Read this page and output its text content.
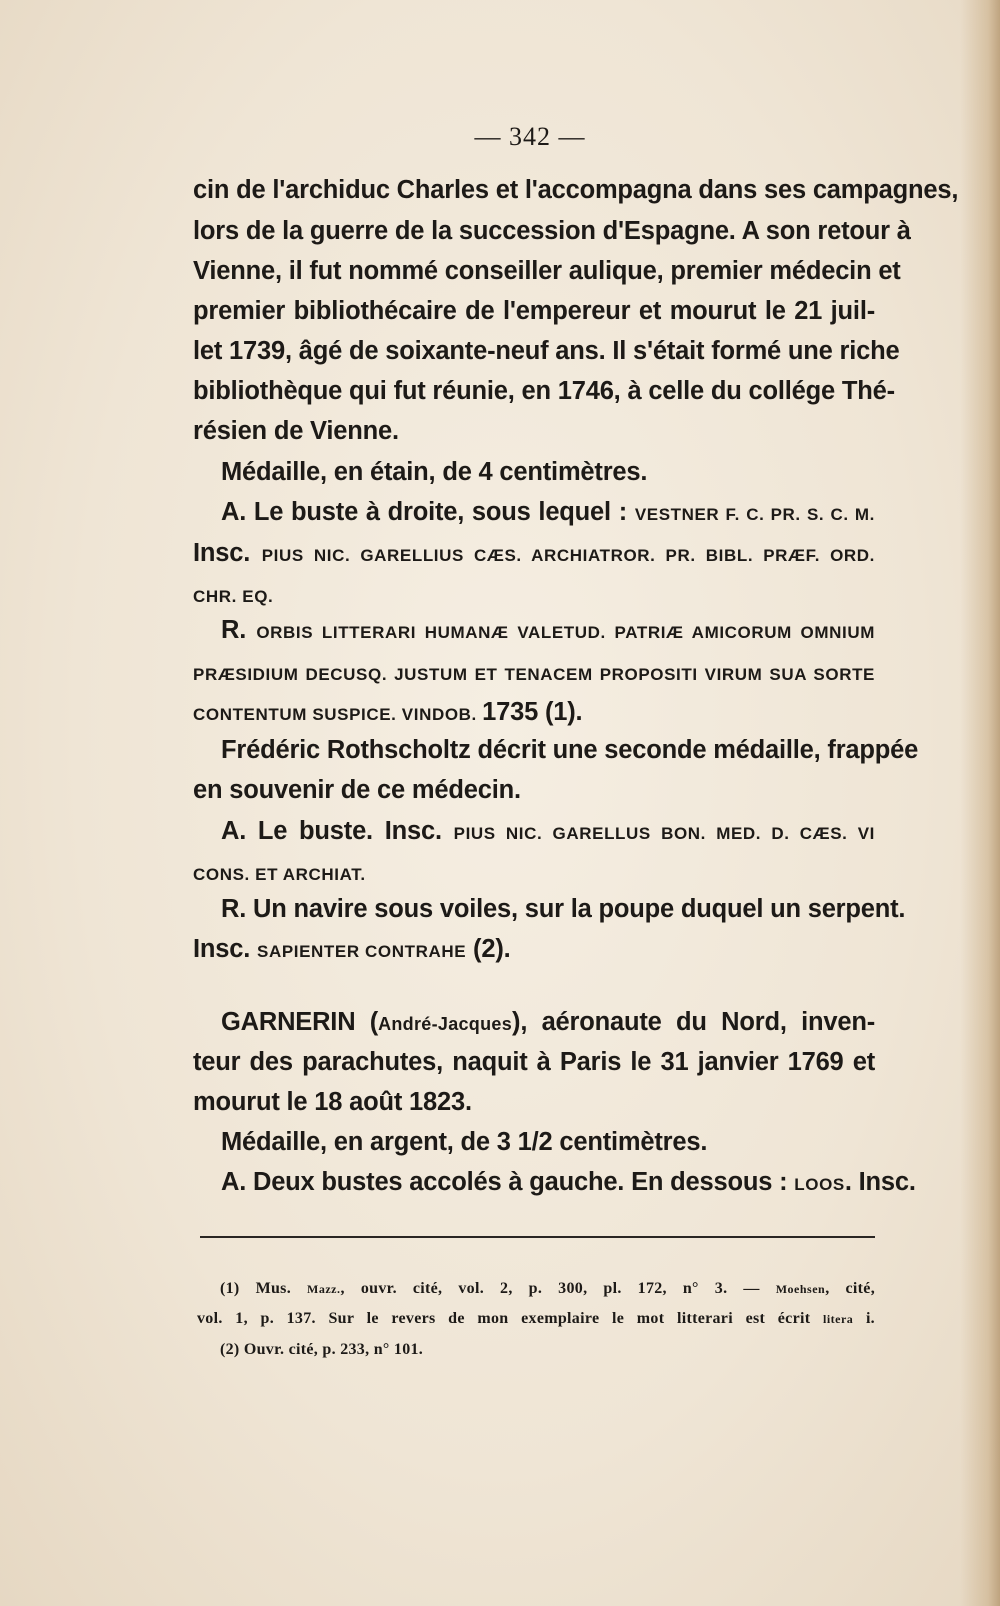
— 342 —
cin de l'archiduc Charles et l'accompagna dans ses campagnes,
lors de la guerre de la succession d'Espagne. A son retour à
Vienne, il fut nommé conseiller aulique, premier médecin et
premier bibliothécaire de l'empereur et mourut le 21 juil-
let 1739, âgé de soixante-neuf ans. Il s'était formé une riche
bibliothèque qui fut réunie, en 1746, à celle du collége Thé-
résien de Vienne.
Médaille, en étain, de 4 centimètres.
A. Le buste à droite, sous lequel : VESTNER F. C. PR. S. C. M.
Insc. PIUS NIC. GARELLIUS CÆS. ARCHIATROR. PR. BIBL. PRÆF. ORD.
CHR. EQ.
R. ORBIS LITTERARI HUMANÆ VALETUD. PATRIÆ AMICORUM OMNIUM
PRÆSIDIUM DECUSQ. JUSTUM ET TENACEM PROPOSITI VIRUM SUA SORTE
CONTENTUM SUSPICE. VINDOB. 1735 (1).
Frédéric Rothscholtz décrit une seconde médaille, frappée
en souvenir de ce médecin.
A. Le buste. Insc. PIUS NIC. GARELLUS BON. MED. D. CÆS. VI
CONS. ET ARCHIAT.
R. Un navire sous voiles, sur la poupe duquel un serpent.
Insc. SAPIENTER CONTRAHE (2).
GARNERIN (André-Jacques), aéronaute du Nord, inven-
teur des parachutes, naquit à Paris le 31 janvier 1769 et
mourut le 18 août 1823.
Médaille, en argent, de 3 1/2 centimètres.
A. Deux bustes accolés à gauche. En dessous : LOOS. Insc.
(1) Mus. Mazz., ouvr. cité, vol. 2, p. 300, pl. 172, n° 3. — Moehsen, cité,
vol. 1, p. 137. Sur le revers de mon exemplaire le mot litterari est écrit litera i.
(2) Ouvr. cité, p. 233, n° 101.
